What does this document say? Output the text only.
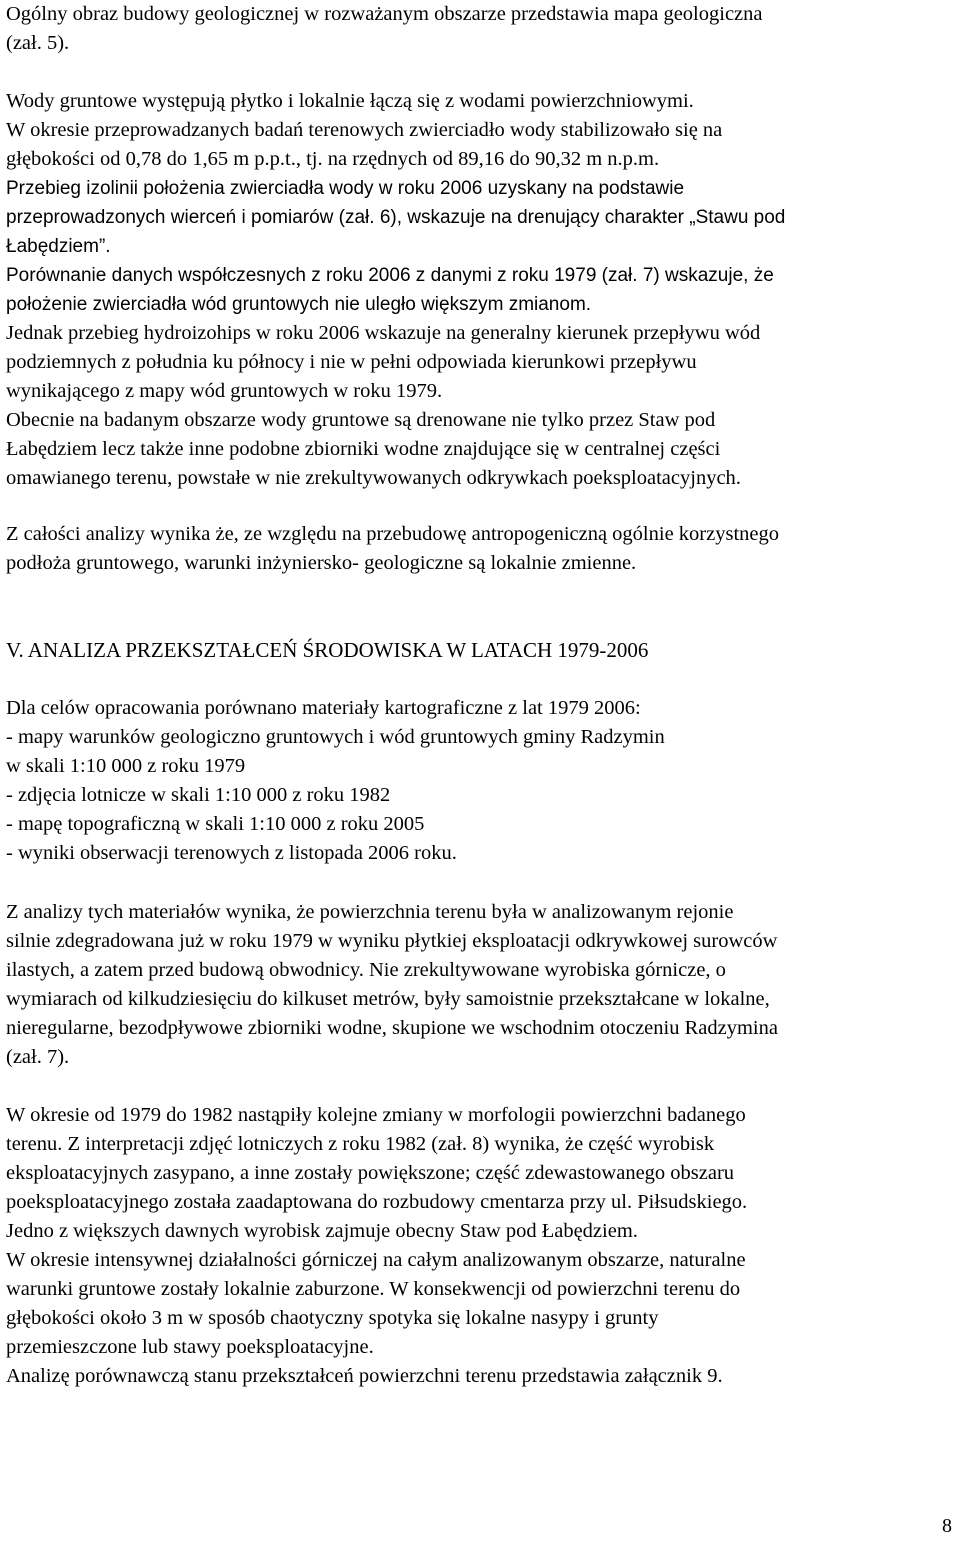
Ogólny obraz budowy geologicznej w rozważanym obszarze przedstawia mapa geologiczna
(zał. 5).
Wody gruntowe występują płytko i lokalnie łączą się z wodami powierzchniowymi.
W okresie przeprowadzanych badań terenowych zwierciadło wody stabilizowało się na
głębokości od 0,78 do 1,65 m p.p.t., tj. na rzędnych od 89,16 do 90,32 m n.p.m.
Przebieg izolinii położenia zwierciadła wody w roku 2006 uzyskany na podstawie
przeprowadzonych wierceń i pomiarów (zał. 6), wskazuje na drenujący charakter „Stawu pod
Łabędziem”.
Porównanie danych współczesnych z roku 2006 z danymi z roku 1979 (zał. 7) wskazuje, że
położenie zwierciadła wód gruntowych nie uległo większym zmianom.
Jednak przebieg hydroizohips w roku 2006 wskazuje na generalny kierunek przepływu wód
podziemnych z południa ku północy i nie w pełni odpowiada kierunkowi przepływu
wynikającego z mapy wód gruntowych w roku 1979.
Obecnie na badanym obszarze wody gruntowe są drenowane nie tylko przez Staw pod
Łabędziem lecz także inne podobne zbiorniki wodne znajdujące się w centralnej części
omawianego terenu, powstałe w nie zrekultywowanych odkrywkach poeksploatacyjnych.
Z całości analizy wynika że, ze względu na przebudowę antropogeniczną ogólnie korzystnego
podłoża gruntowego, warunki inżyniersko- geologiczne są lokalnie zmienne.
V. ANALIZA PRZEKSZTAŁCEŃ ŚRODOWISKA W LATACH 1979-2006
Dla celów opracowania porównano materiały kartograficzne z lat 1979 2006:
- mapy warunków geologiczno gruntowych i wód gruntowych gminy Radzymin
w skali 1:10 000 z roku 1979
- zdjęcia lotnicze w skali 1:10 000 z roku 1982
- mapę topograficzną w skali 1:10 000 z roku 2005
- wyniki obserwacji terenowych z listopada 2006 roku.
Z analizy tych materiałów wynika, że powierzchnia terenu była w analizowanym rejonie
silnie zdegradowana już w roku 1979 w wyniku płytkiej eksploatacji odkrywkowej surowców
ilastych, a zatem przed budową obwodnicy. Nie zrekultywowane wyrobiska górnicze, o
wymiarach od kilkudziesięciu do kilkuset metrów, były samoistnie przekształcane w lokalne,
nieregularne, bezodpływowe zbiorniki wodne, skupione we wschodnim otoczeniu Radzymina
(zał. 7).
W okresie od 1979 do 1982 nastąpiły kolejne zmiany w morfologii powierzchni badanego
terenu. Z interpretacji zdjęć lotniczych z roku 1982 (zał. 8) wynika, że część wyrobisk
eksploatacyjnych zasypano, a inne zostały powiększone; część zdewastowanego obszaru
poeksploatacyjnego została zaadaptowana do rozbudowy cmentarza przy ul. Piłsudskiego.
Jedno z większych dawnych wyrobisk zajmuje obecny Staw pod Łabędziem.
W okresie intensywnej działalności górniczej na całym analizowanym obszarze, naturalne
warunki gruntowe zostały lokalnie zaburzone. W konsekwencji od powierzchni terenu do
głębokości około 3 m w sposób chaotyczny spotyka się lokalne nasypy i grunty
przemieszczone lub stawy poeksploatacyjne.
Analizę porównawczą stanu przekształceń powierzchni terenu przedstawia załącznik 9.
8
